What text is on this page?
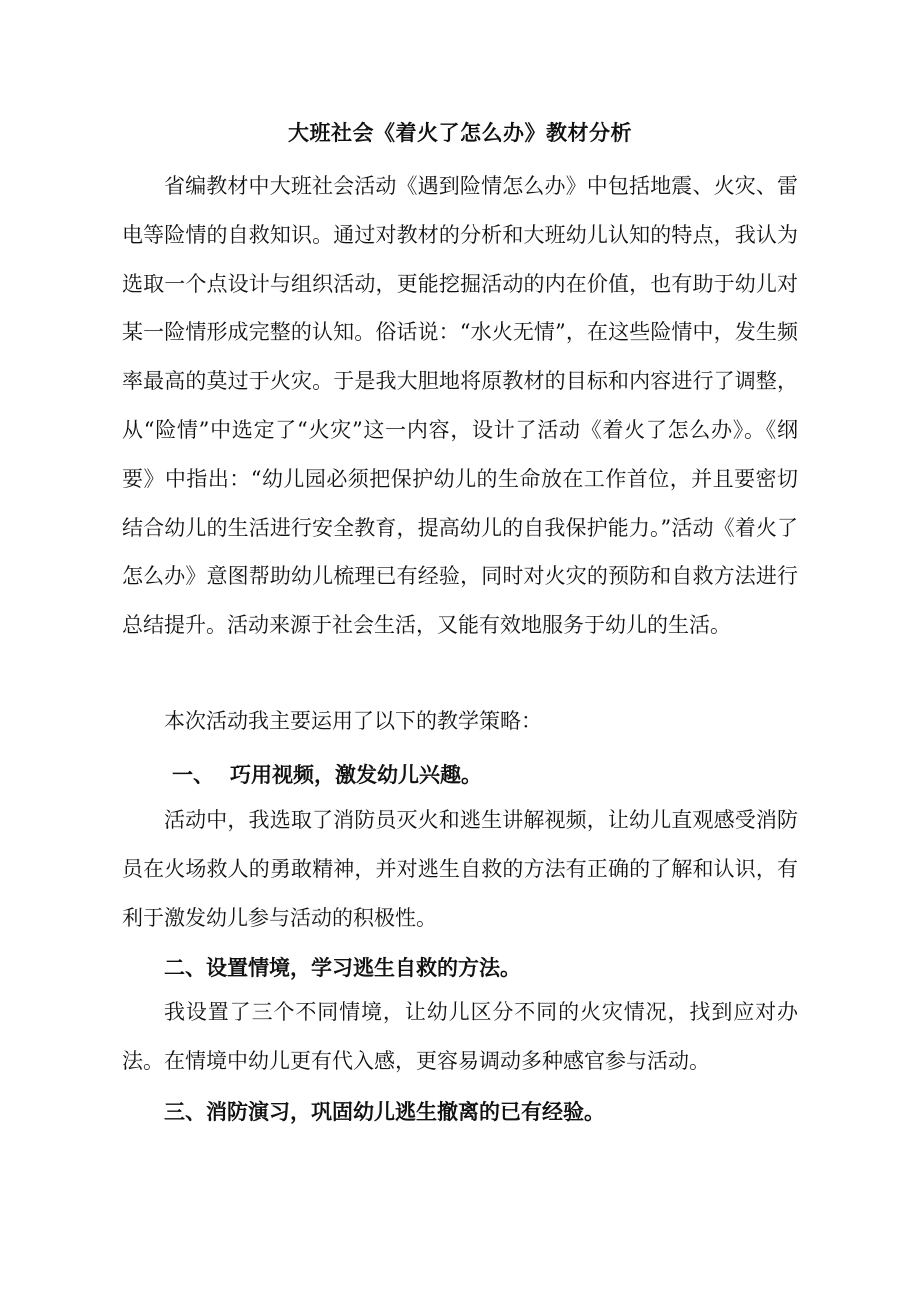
大班社会《着火了怎么办》教材分析

省编教材中大班社会活动《遇到险情怎么办》中包括地震、火灾、雷电等险情的自救知识。通过对教材的分析和大班幼儿认知的特点，我认为选取一个点设计与组织活动，更能挖掘活动的内在价值，也有助于幼儿对某一险情形成完整的认知。俗话说：“水火无情”，在这些险情中，发生频率最高的莫过于火灾。于是我大胆地将原教材的目标和内容进行了调整，从“险情”中选定了“火灾”这一内容，设计了活动《着火了怎么办》。《纲要》中指出：“幼儿园必须把保护幼儿的生命放在工作首位，并且要密切结合幼儿的生活进行安全教育，提高幼儿的自我保护能力。”活动《着火了怎么办》意图帮助幼儿梳理已有经验，同时对火灾的预防和自救方法进行总结提升。活动来源于社会生活，又能有效地服务于幼儿的生活。

本次活动我主要运用了以下的教学策略：

一、 巧用视频，激发幼儿兴趣。

活动中，我选取了消防员灭火和逃生讲解视频，让幼儿直观感受消防员在火场救人的勇敢精神，并对逃生自救的方法有正确的了解和认识，有利于激发幼儿参与活动的积极性。

二、设置情境，学习逃生自救的方法。

我设置了三个不同情境，让幼儿区分不同的火灾情况，找到应对办法。在情境中幼儿更有代入感，更容易调动多种感官参与活动。

三、消防演习，巩固幼儿逃生撤离的已有经验。
